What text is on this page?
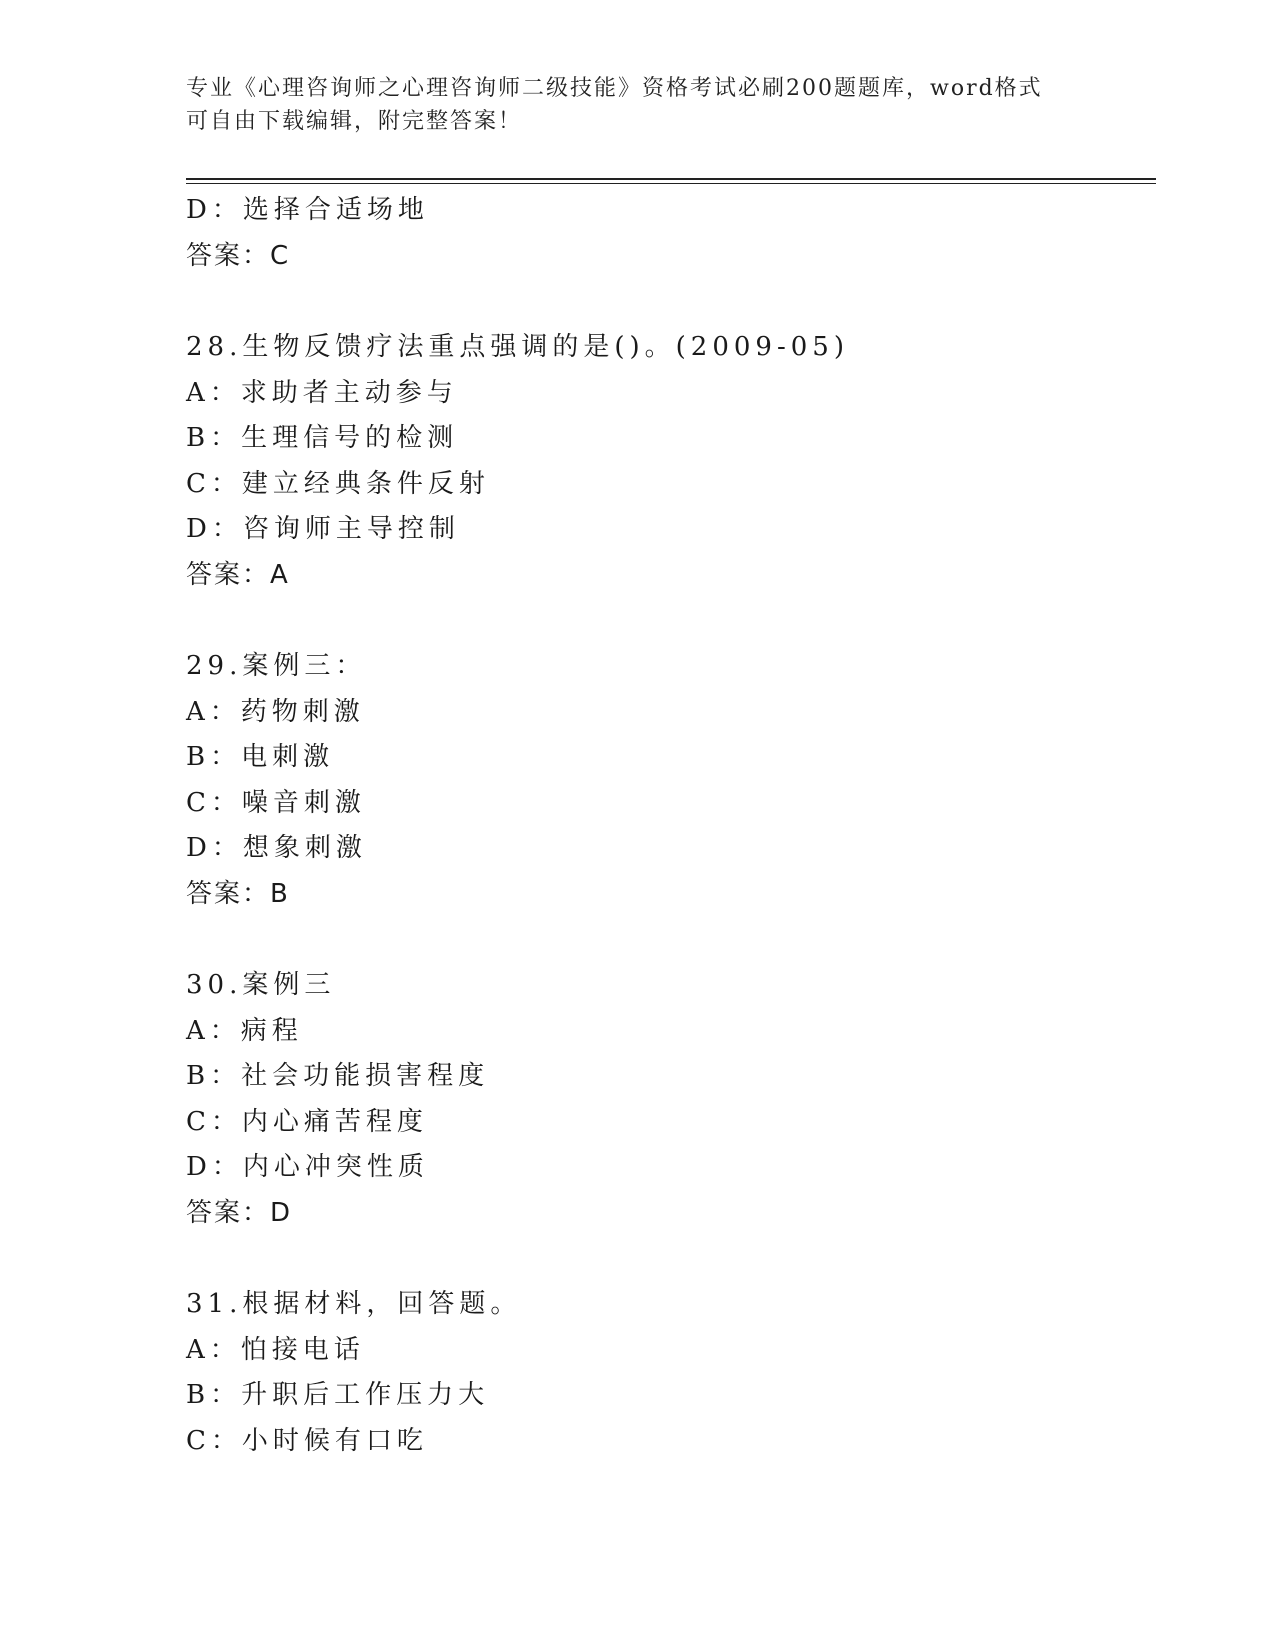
专业《心理咨询师之心理咨询师二级技能》资格考试必刷200题题库，word格式
可自由下载编辑，附完整答案！
D：选择合适场地
答案：C
28.生物反馈疗法重点强调的是()。(2009-05)
A：求助者主动参与
B：生理信号的检测
C：建立经典条件反射
D：咨询师主导控制
答案：A
29.案例三：
A：药物刺激
B：电刺激
C：噪音刺激
D：想象刺激
答案：B
30.案例三
A：病程
B：社会功能损害程度
C：内心痛苦程度
D：内心冲突性质
答案：D
31.根据材料，回答题。
A：怕接电话
B：升职后工作压力大
C：小时候有口吃
